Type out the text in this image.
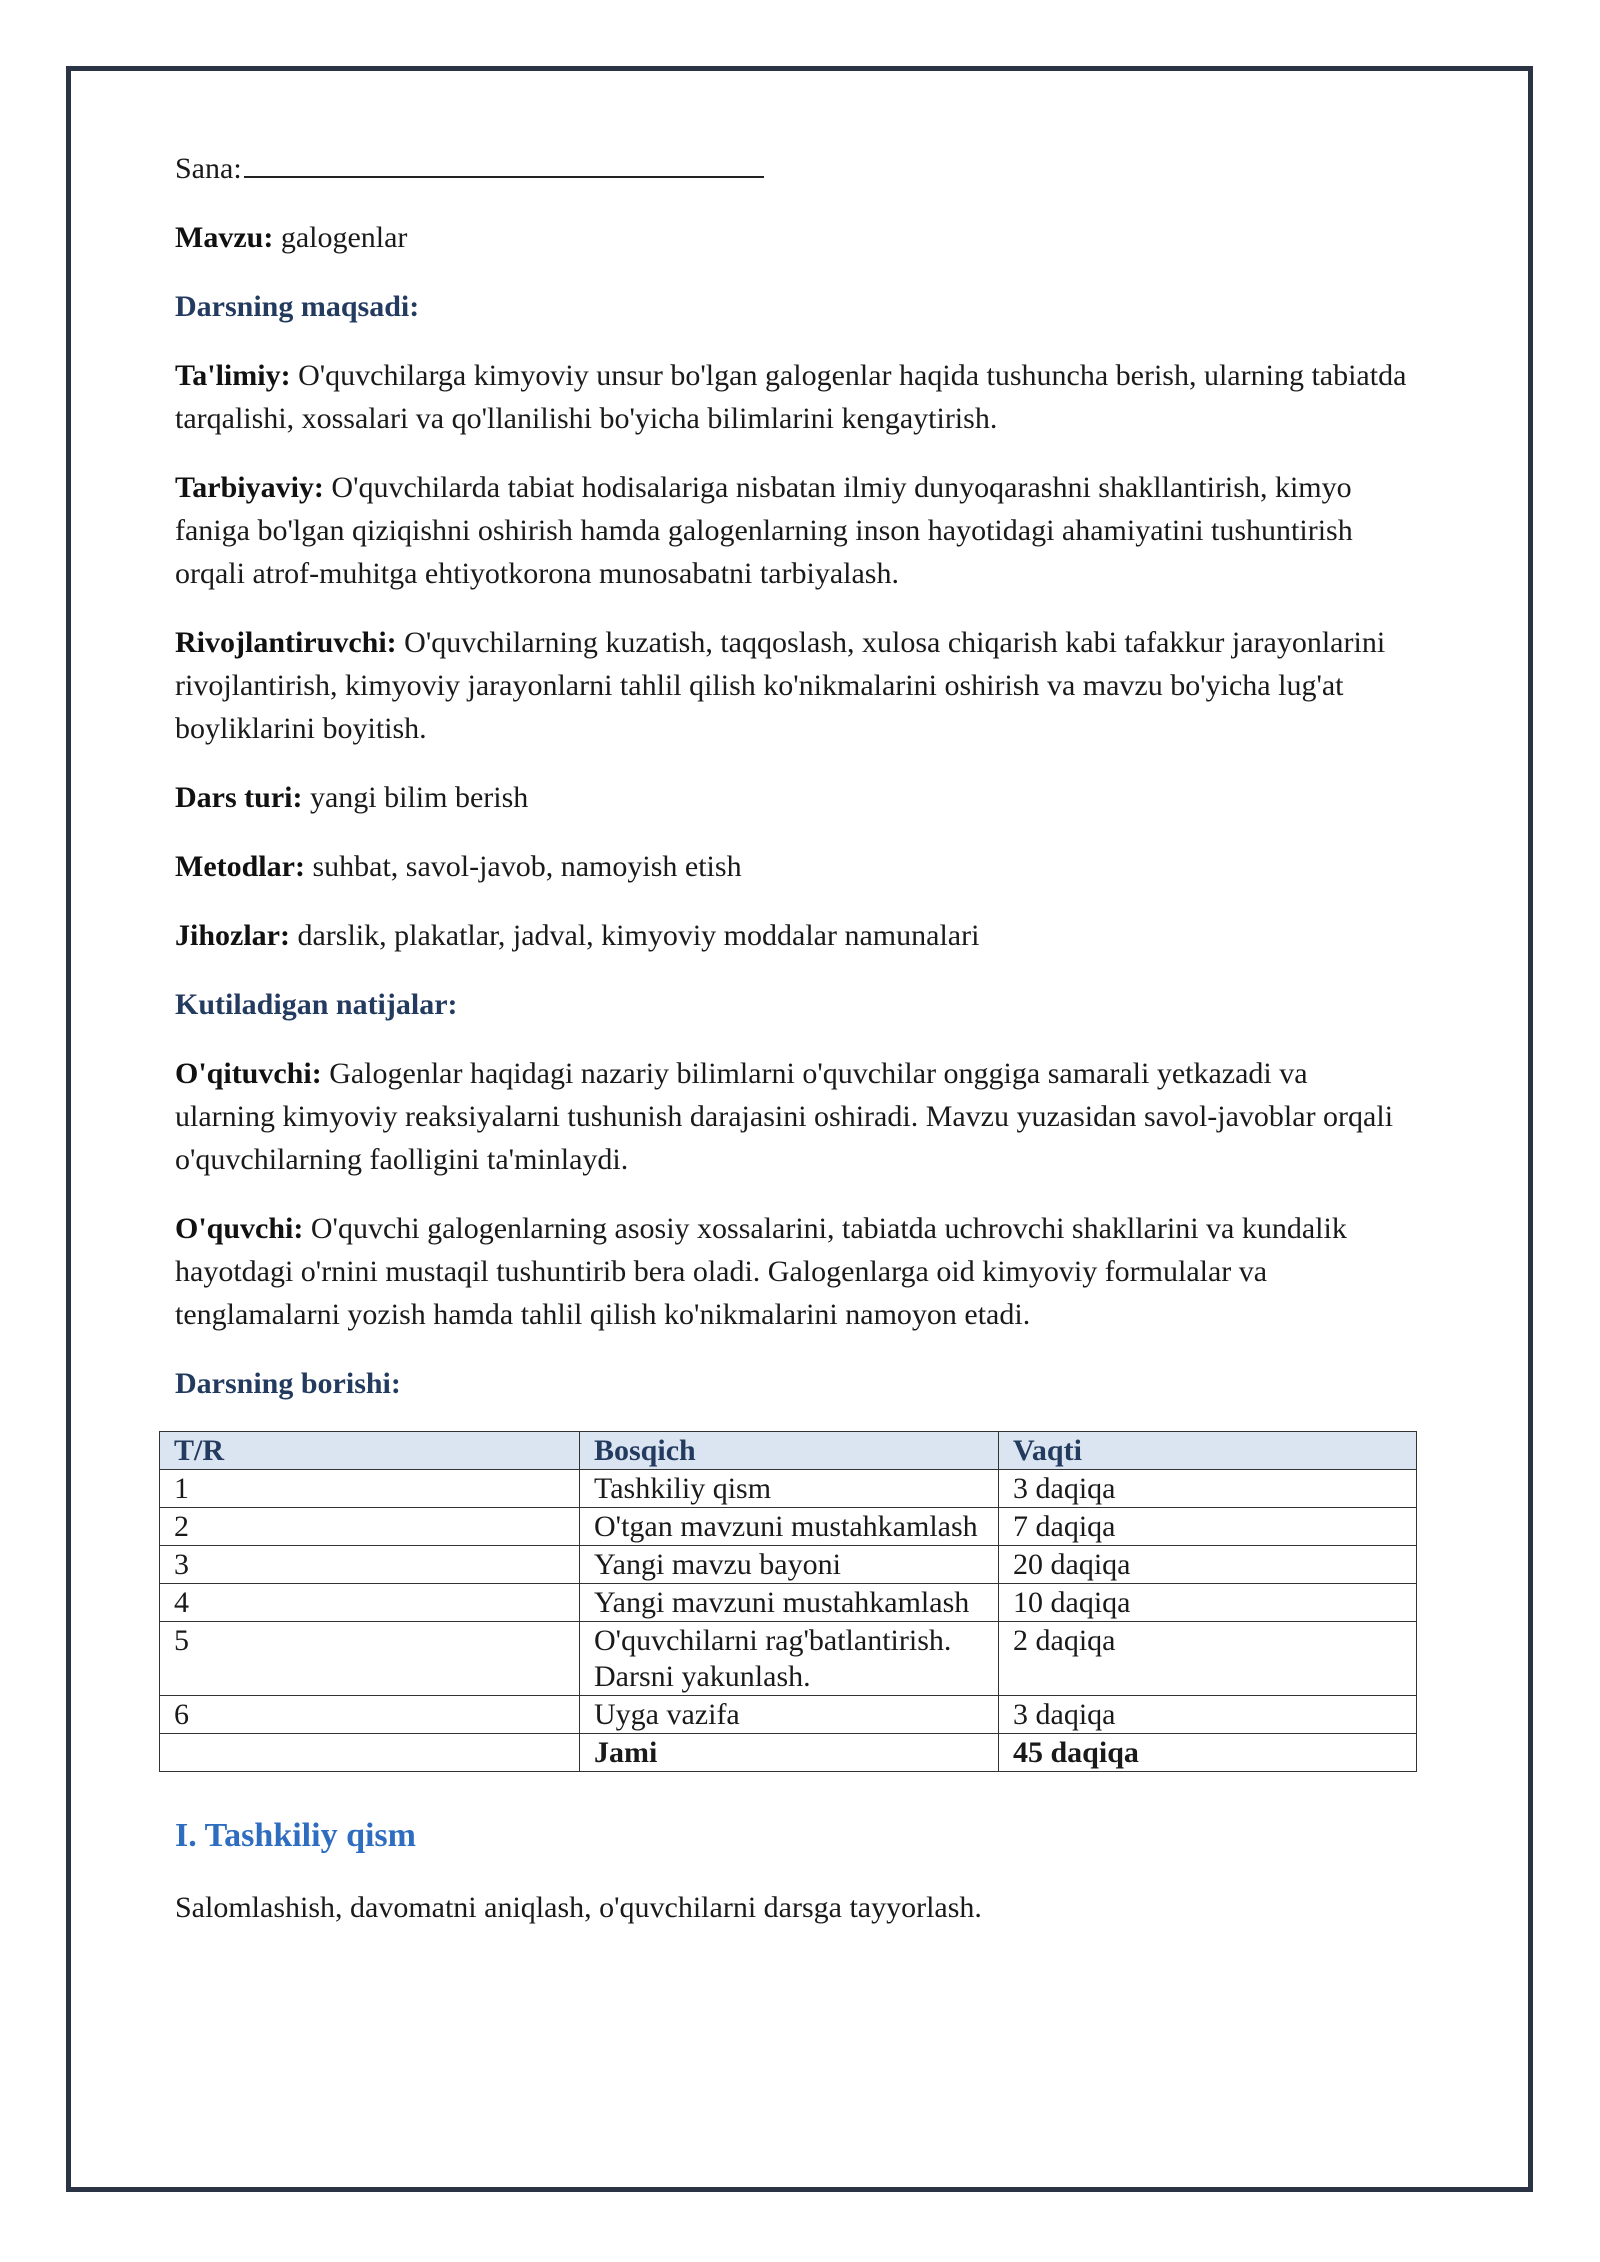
Sana:

Mavzu: galogenlar

Darsning maqsadi:

Ta'limiy: O'quvchilarga kimyoviy unsur bo'lgan galogenlar haqida tushuncha berish, ularning tabiatda tarqalishi, xossalari va qo'llanilishi bo'yicha bilimlarini kengaytirish.

Tarbiyaviy: O'quvchilarda tabiat hodisalariga nisbatan ilmiy dunyoqarashni shakllantirish, kimyo faniga bo'lgan qiziqishni oshirish hamda galogenlarning inson hayotidagi ahamiyatini tushuntirish orqali atrof-muhitga ehtiyotkorona munosabatni tarbiyalash.

Rivojlantiruvchi: O'quvchilarning kuzatish, taqqoslash, xulosa chiqarish kabi tafakkur jarayonlarini rivojlantirish, kimyoviy jarayonlarni tahlil qilish ko'nikmalarini oshirish va mavzu bo'yicha lug'at boyliklarini boyitish.

Dars turi: yangi bilim berish

Metodlar: suhbat, savol-javob, namoyish etish

Jihozlar: darslik, plakatlar, jadval, kimyoviy moddalar namunalari

Kutiladigan natijalar:

O'qituvchi: Galogenlar haqidagi nazariy bilimlarni o'quvchilar onggiga samarali yetkazadi va ularning kimyoviy reaksiyalarni tushunish darajasini oshiradi. Mavzu yuzasidan savol-javoblar orqali o'quvchilarning faolligini ta'minlaydi.

O'quvchi: O'quvchi galogenlarning asosiy xossalarini, tabiatda uchrovchi shakllarini va kundalik hayotdagi o'rnini mustaqil tushuntirib bera oladi. Galogenlarga oid kimyoviy formulalar va tenglamalarni yozish hamda tahlil qilish ko'nikmalarini namoyon etadi.

Darsning borishi:

T/R	Bosqich	Vaqti
1	Tashkiliy qism	3 daqiqa
2	O'tgan mavzuni mustahkamlash	7 daqiqa
3	Yangi mavzu bayoni	20 daqiqa
4	Yangi mavzuni mustahkamlash	10 daqiqa
5	O'quvchilarni rag'batlantirish. Darsni yakunlash.	2 daqiqa
6	Uyga vazifa	3 daqiqa
	Jami	45 daqiqa

I. Tashkiliy qism

Salomlashish, davomatni aniqlash, o'quvchilarni darsga tayyorlash.
